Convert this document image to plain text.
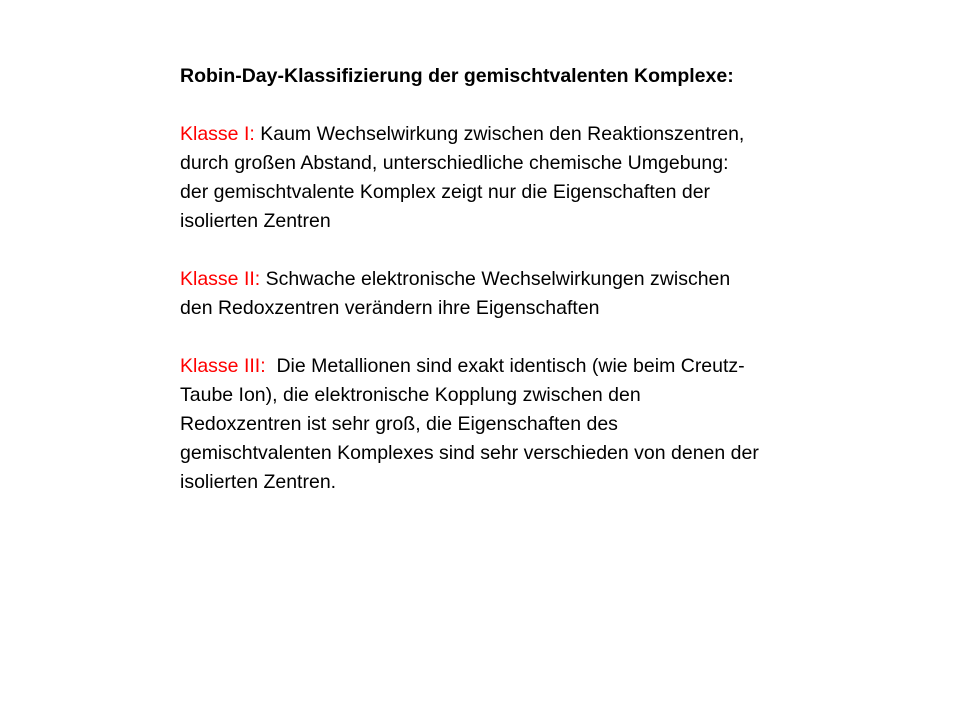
Robin-Day-Klassifizierung der gemischtvalenten Komplexe:

Klasse I: Kaum Wechselwirkung zwischen den Reaktionszentren, durch großen Abstand, unterschiedliche chemische Umgebung: der gemischtvalente Komplex zeigt nur die Eigenschaften der isolierten Zentren

Klasse II: Schwache elektronische Wechselwirkungen zwischen den Redoxzentren verändern ihre Eigenschaften

Klasse III:  Die Metallionen sind exakt identisch (wie beim Creutz-Taube Ion), die elektronische Kopplung zwischen den Redoxzentren ist sehr groß, die Eigenschaften des gemischtvalenten Komplexes sind sehr verschieden von denen der isolierten Zentren.
